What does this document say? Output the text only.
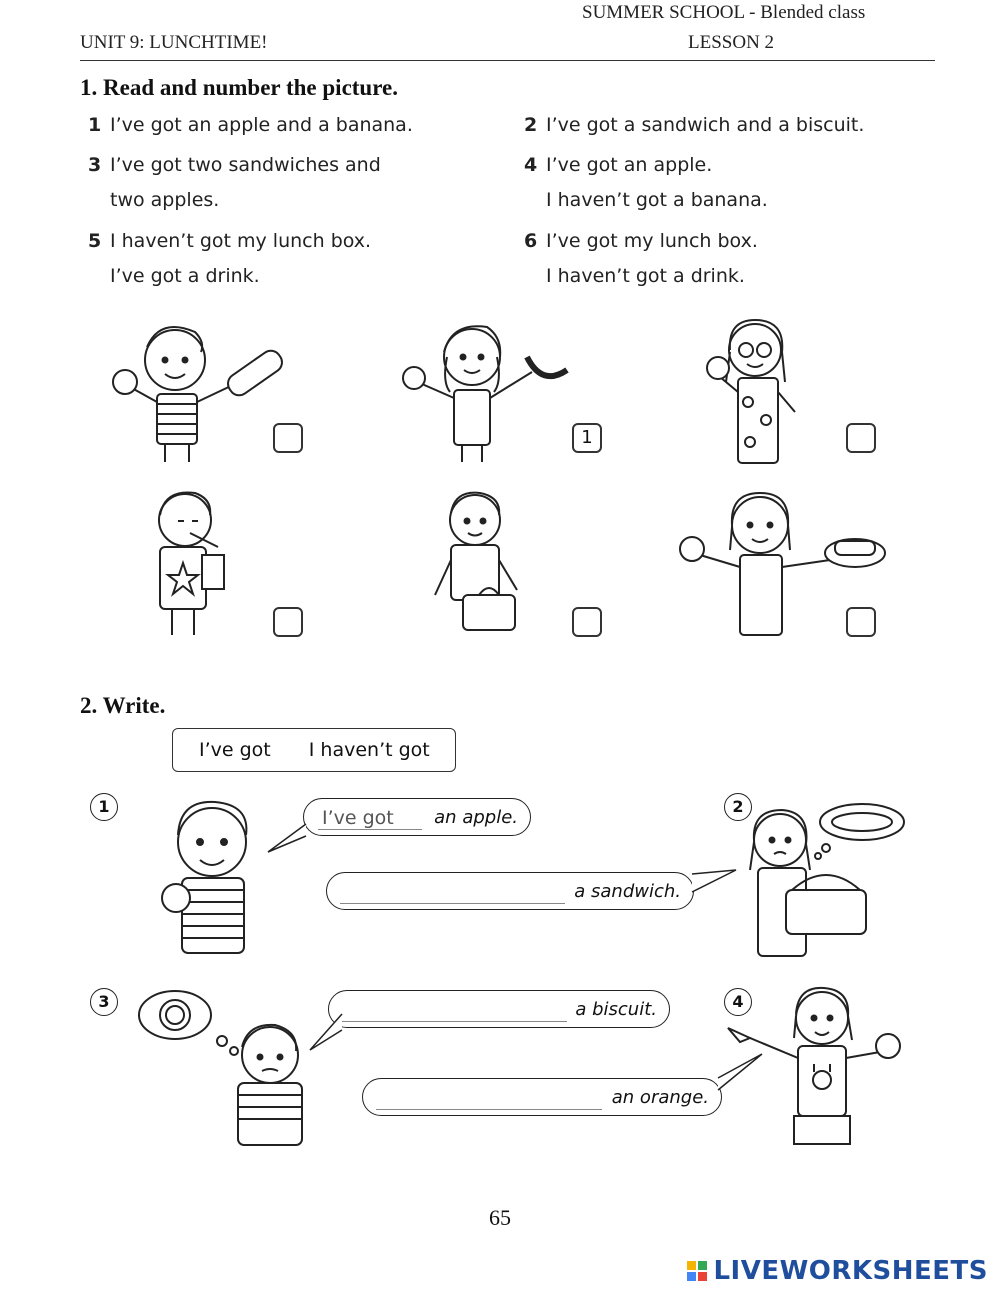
SUMMER SCHOOL - Blended class
UNIT 9: LUNCHTIME!	LESSON 2
1. Read and number the picture.
1 I’ve got an apple and a banana.	2 I’ve got a sandwich and a biscuit.
3 I’ve got two sandwiches and
two apples.
4 I’ve got an apple.
I haven’t got a banana.
5 I haven’t got my lunch box.
I’ve got a drink.
6 I’ve got my lunch box.
I haven’t got a drink.
1
2. Write.
I’ve got I haven’t got
1	an apple.
I’ve got	2
a sandwich.
3	a biscuit.	4
an orange.
65
LIVEWORKSHEETS
